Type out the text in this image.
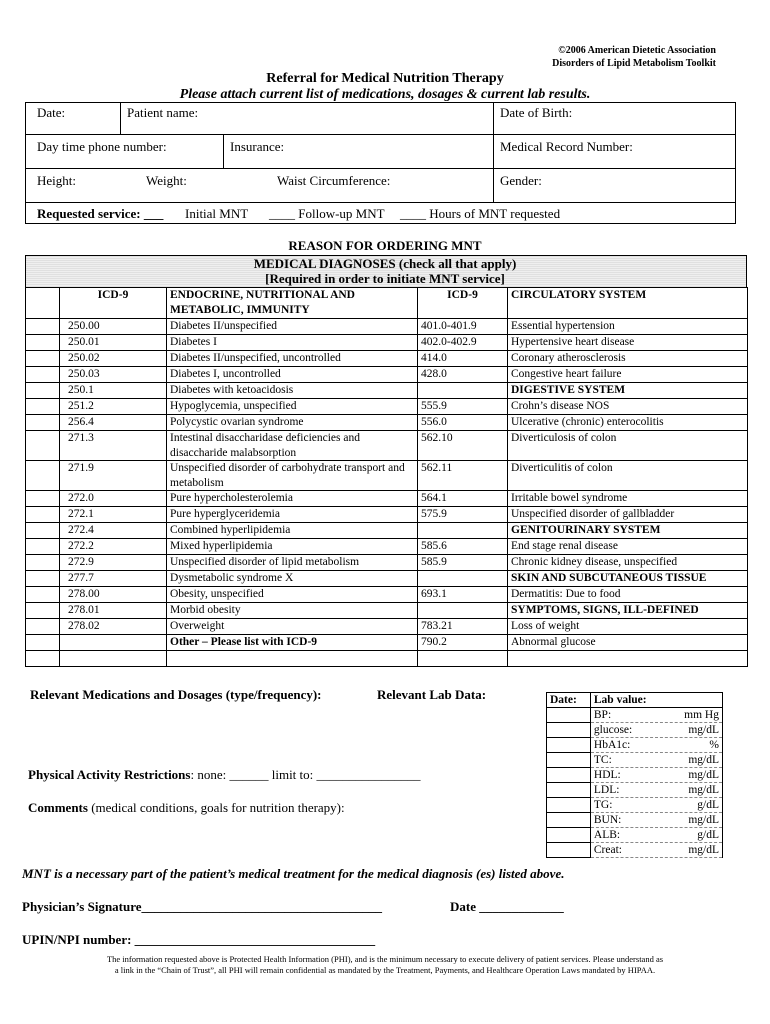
©2006 American Dietetic Association
Disorders of Lipid Metabolism Toolkit
Referral for Medical Nutrition Therapy
Please attach current list of medications, dosages & current lab results.
Date:	Patient name:	Date of Birth:
Day time phone number:	Insurance:	Medical Record Number:
Height:	Weight:	Waist Circumference:	Gender:
Requested service: ___ Initial MNT ____ Follow-up MNT ____ Hours of MNT requested
REASON FOR ORDERING MNT
MEDICAL DIAGNOSES (check all that apply)
[Required in order to initiate MNT service]
	ICD-9	ENDOCRINE, NUTRITIONAL AND METABOLIC, IMMUNITY	ICD-9	CIRCULATORY SYSTEM
	250.00	Diabetes II/unspecified	401.0-401.9	Essential hypertension
	250.01	Diabetes I	402.0-402.9	Hypertensive heart disease
	250.02	Diabetes II/unspecified, uncontrolled	414.0	Coronary atherosclerosis
	250.03	Diabetes I, uncontrolled	428.0	Congestive heart failure
	250.1	Diabetes with ketoacidosis		DIGESTIVE SYSTEM
	251.2	Hypoglycemia, unspecified	555.9	Crohn’s disease NOS
	256.4	Polycystic ovarian syndrome	556.0	Ulcerative (chronic) enterocolitis
	271.3	Intestinal disaccharidase deficiencies and disaccharide malabsorption	562.10	Diverticulosis of colon
	271.9	Unspecified disorder of carbohydrate transport and metabolism	562.11	Diverticulitis of colon
	272.0	Pure hypercholesterolemia	564.1	Irritable bowel syndrome
	272.1	Pure hyperglyceridemia	575.9	Unspecified disorder of gallbladder
	272.4	Combined hyperlipidemia		GENITOURINARY SYSTEM
	272.2	Mixed hyperlipidemia	585.6	End stage renal disease
	272.9	Unspecified disorder of lipid metabolism	585.9	Chronic kidney disease, unspecified
	277.7	Dysmetabolic syndrome X		SKIN AND SUBCUTANEOUS TISSUE
	278.00	Obesity, unspecified	693.1	Dermatitis: Due to food
	278.01	Morbid obesity		SYMPTOMS, SIGNS, ILL-DEFINED
	278.02	Overweight	783.21	Loss of weight
		Other – Please list with ICD-9	790.2	Abnormal glucose

Relevant Medications and Dosages (type/frequency):	Relevant Lab Data:	Date:	Lab value:

	BP: mm Hg

	glucose: mg/dL

	HbA1c: %

	TC: mg/dL

	HDL: mg/dL

	LDL: mg/dL

	TG: g/dL

	BUN: mg/dL

	ALB: g/dL

	Creat: mg/dL
Physical Activity Restrictions: none: ______ limit to: ________________
Comments (medical conditions, goals for nutrition therapy):
MNT is a necessary part of the patient’s medical treatment for the medical diagnosis (es) listed above.
Physician’s Signature_____________________________________	Date _____________
UPIN/NPI number: _____________________________________
The information requested above is Protected Health Information (PHI), and is the minimum necessary to execute delivery of patient services. Please understand as
a link in the “Chain of Trust”, all PHI will remain confidential as mandated by the Treatment, Payments, and Healthcare Operation Laws mandated by HIPAA.
